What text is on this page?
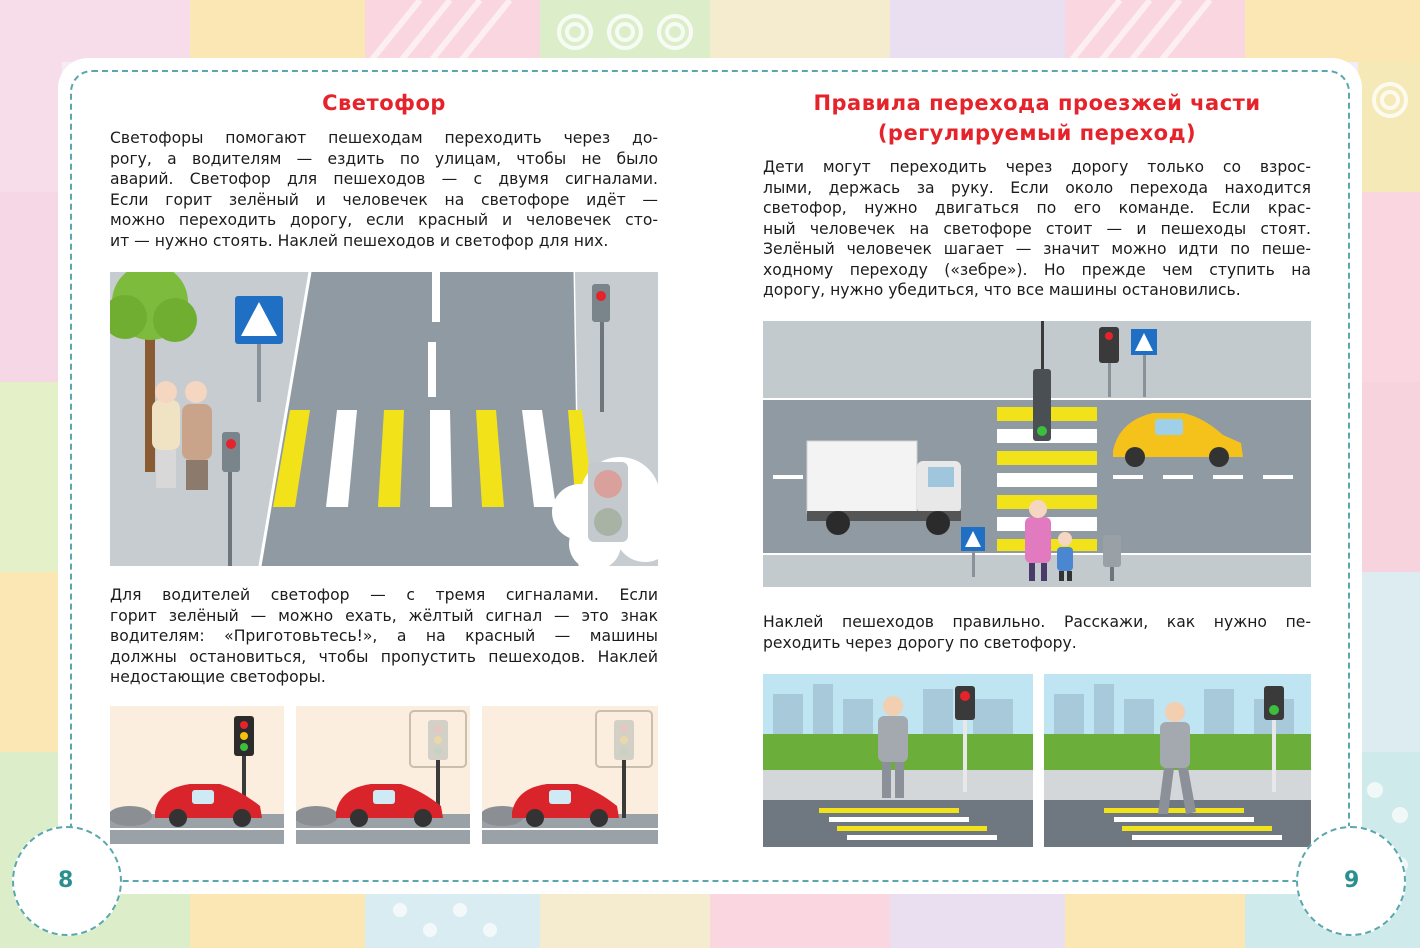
Светофор
Светофоры помогают пешеходам переходить через до-
рогу, а водителям — ездить по улицам, чтобы не было
аварий. Светофор для пешеходов — с двумя сигналами.
Если горит зелёный и человечек на светофоре идёт —
можно переходить дорогу, если красный и человечек сто-
ит — нужно стоять. Наклей пешеходов и светофор для них.
Для водителей светофор — с тремя сигналами. Если
горит зелёный — можно ехать, жёлтый сигнал — это знак
водителям: «Приготовьтесь!», а на красный — машины
должны остановиться, чтобы пропустить пешеходов. Наклей
недостающие светофоры.
Правила перехода проезжей части
(регулируемый переход)
Дети могут переходить через дорогу только со взрос-
лыми, держась за руку. Если около перехода находится
светофор, нужно двигаться по его команде. Если крас-
ный человечек на светофоре стоит — и пешеходы стоят.
Зелёный человечек шагает — значит можно идти по пеше-
ходному переходу («зебре»). Но прежде чем ступить на
дорогу, нужно убедиться, что все машины остановились.
Наклей пешеходов правильно. Расскажи, как нужно пе-
реходить через дорогу по светофору.
8	9
